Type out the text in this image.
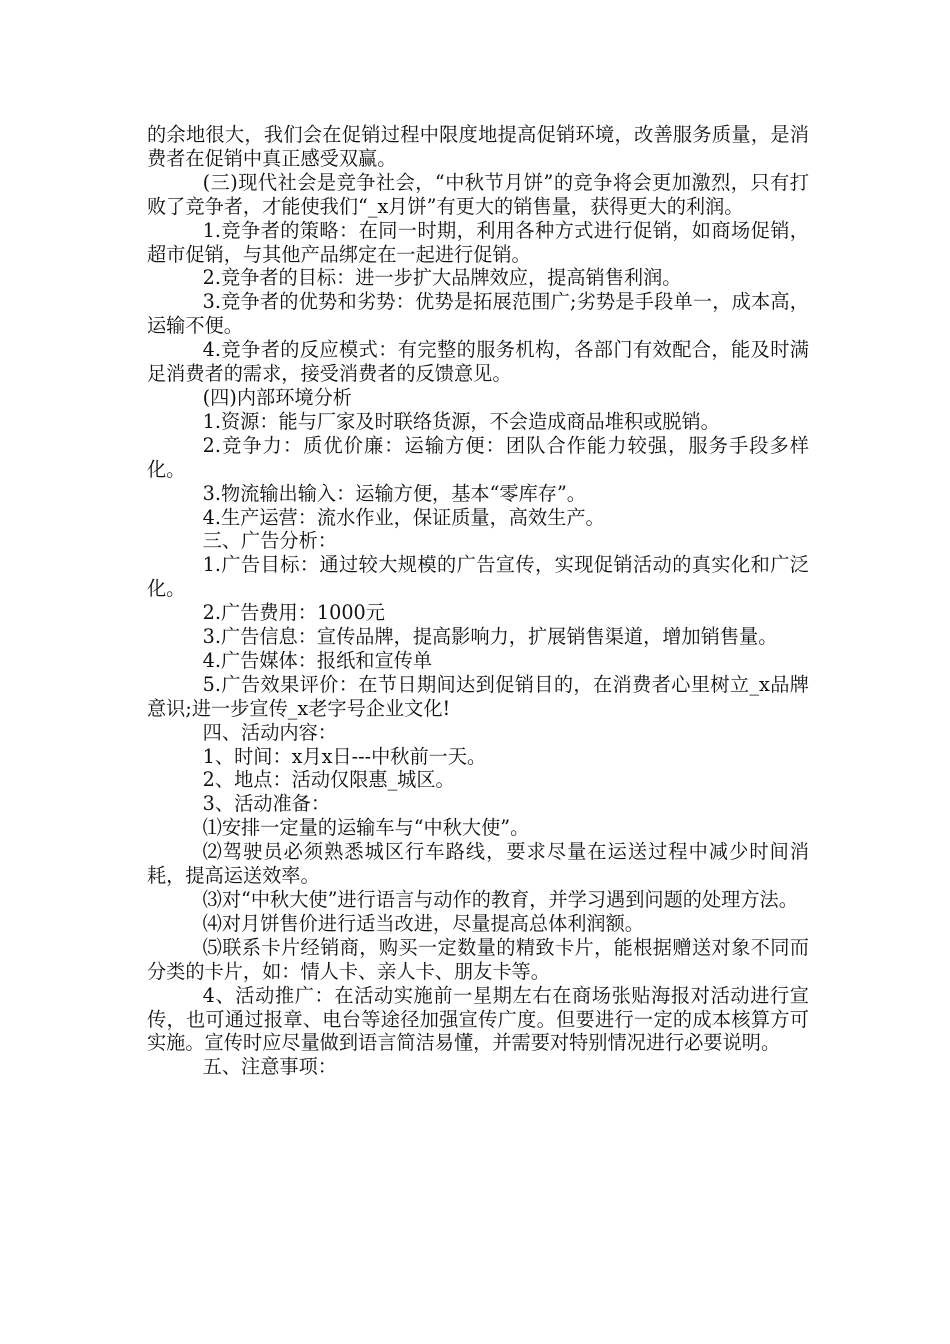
的余地很大，我们会在促销过程中限度地提高促销环境，改善服务质量，是消费者在促销中真正感受双赢。

(三)现代社会是竞争社会，“中秋节月饼”的竞争将会更加激烈，只有打败了竞争者，才能使我们“_x月饼”有更大的销售量，获得更大的利润。

1.竞争者的策略：在同一时期，利用各种方式进行促销，如商场促销，超市促销，与其他产品绑定在一起进行促销。

2.竞争者的目标：进一步扩大品牌效应，提高销售利润。

3.竞争者的优势和劣势：优势是拓展范围广;劣势是手段单一，成本高，运输不便。

4.竞争者的反应模式：有完整的服务机构，各部门有效配合，能及时满足消费者的需求，接受消费者的反馈意见。

(四)内部环境分析

1.资源：能与厂家及时联络货源，不会造成商品堆积或脱销。

2.竞争力：质优价廉：运输方便：团队合作能力较强，服务手段多样化。

3.物流输出输入：运输方便，基本“零库存”。

4.生产运营：流水作业，保证质量，高效生产。

三、广告分析：

1.广告目标：通过较大规模的广告宣传，实现促销活动的真实化和广泛化。

2.广告费用：1000元

3.广告信息：宣传品牌，提高影响力，扩展销售渠道，增加销售量。

4.广告媒体：报纸和宣传单

5.广告效果评价：在节日期间达到促销目的，在消费者心里树立_x品牌意识;进一步宣传_x老字号企业文化!

四、活动内容：

1、时间：x月x日---中秋前一天。

2、地点：活动仅限惠_城区。

3、活动准备：

⑴安排一定量的运输车与“中秋大使”。

⑵驾驶员必须熟悉城区行车路线，要求尽量在运送过程中减少时间消耗，提高运送效率。

⑶对“中秋大使”进行语言与动作的教育，并学习遇到问题的处理方法。

⑷对月饼售价进行适当改进，尽量提高总体利润额。

⑸联系卡片经销商，购买一定数量的精致卡片，能根据赠送对象不同而分类的卡片，如：情人卡、亲人卡、朋友卡等。

4、活动推广：在活动实施前一星期左右在商场张贴海报对活动进行宣传，也可通过报章、电台等途径加强宣传广度。但要进行一定的成本核算方可实施。宣传时应尽量做到语言简洁易懂，并需要对特别情况进行必要说明。

五、注意事项：
